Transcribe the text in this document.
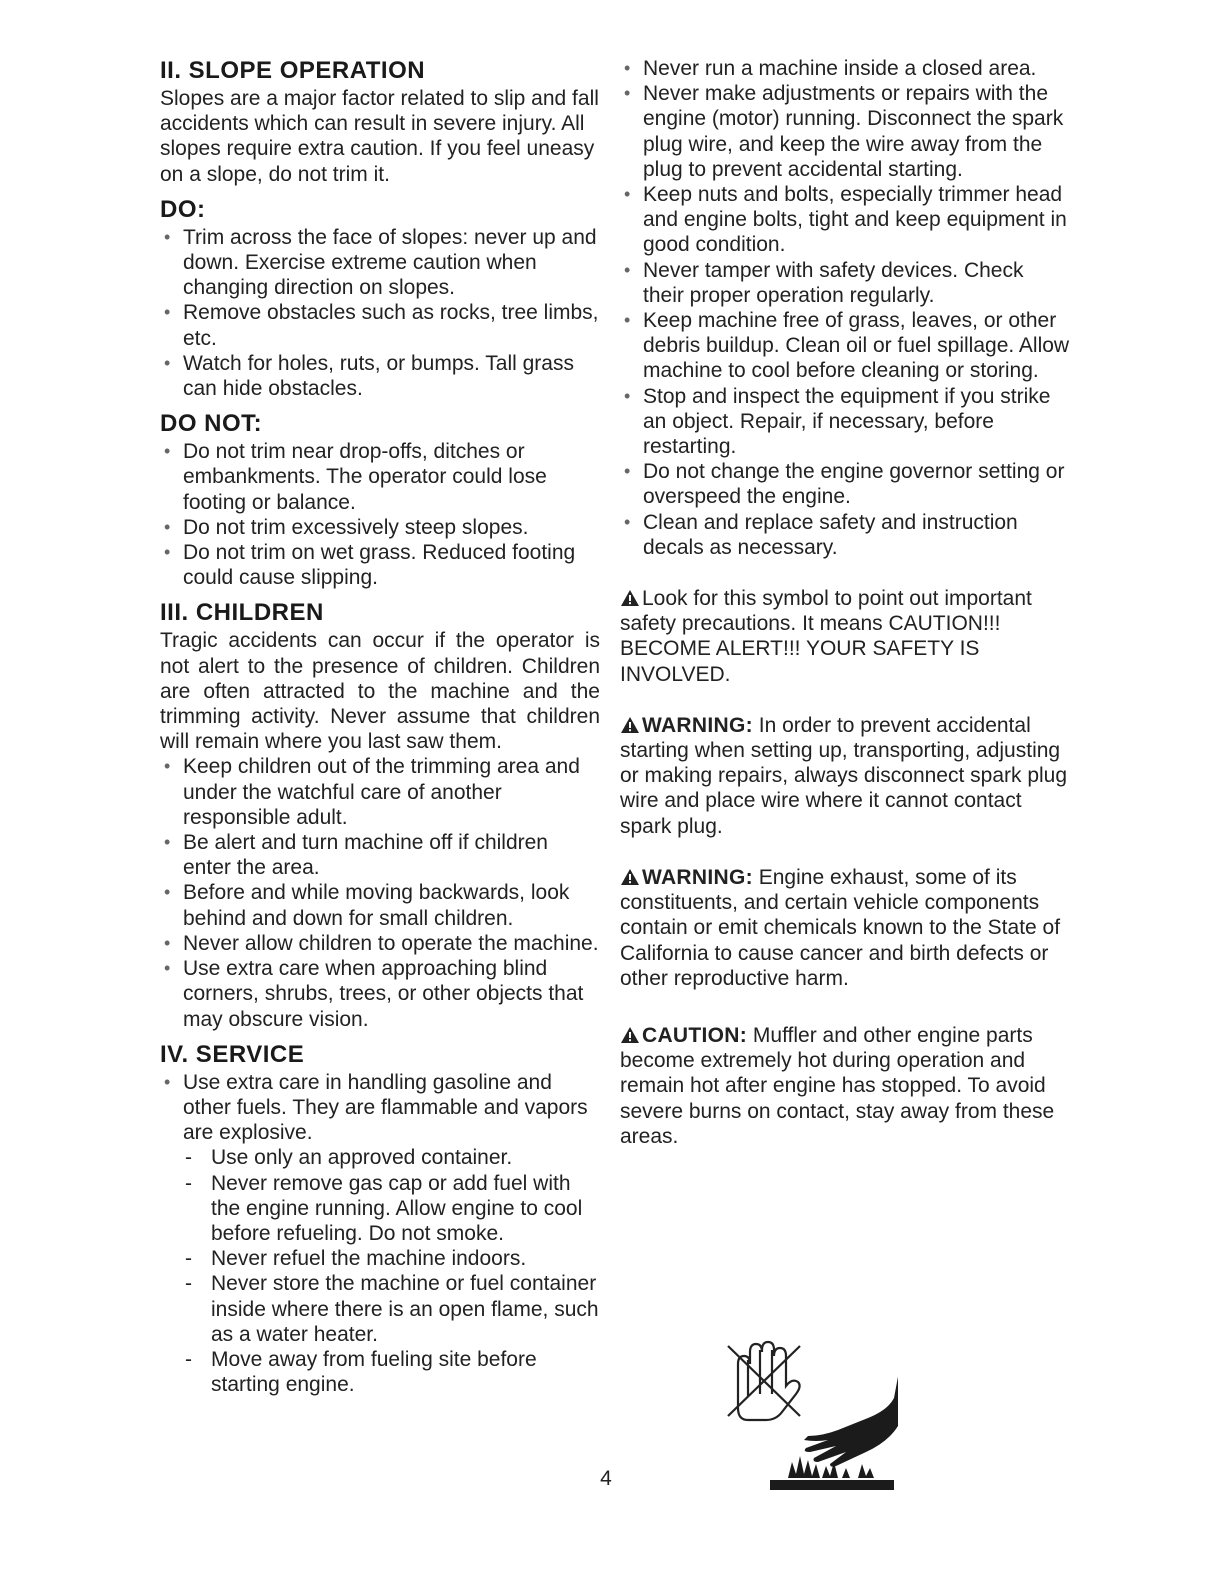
II. SLOPE OPERATION

Slopes are a major factor related to slip and fall accidents which can result in severe injury. All slopes require extra caution. If you feel uneasy on a slope, do not trim it.

DO:
• Trim across the face of slopes: never up and down. Exercise extreme caution when changing direction on slopes.
• Remove obstacles such as rocks, tree limbs, etc.
• Watch for holes, ruts, or bumps. Tall grass can hide obstacles.
DO NOT:
• Do not trim near drop-offs, ditches or embankments. The operator could lose footing or balance.
• Do not trim excessively steep slopes.
• Do not trim on wet grass. Reduced footing could cause slipping.
III. CHILDREN

Tragic accidents can occur if the operator is not alert to the presence of children. Children are often attracted to the machine and the trimming activity. Never assume that children will remain where you last saw them.

• Keep children out of the trimming area and under the watchful care of another responsible adult.
• Be alert and turn machine off if children enter the area.
• Before and while moving backwards, look behind and down for small children.
• Never allow children to operate the machine.
• Use extra care when approaching blind corners, shrubs, trees, or other objects that may obscure vision.
IV. SERVICE
• Use extra care in handling gasoline and other fuels. They are flammable and vapors are explosive.
- Use only an approved container.
- Never remove gas cap or add fuel with the engine running. Allow engine to cool before refueling. Do not smoke.
- Never refuel the machine indoors.
- Never store the machine or fuel container inside where there is an open flame, such as a water heater.
- Move away from fueling site before starting engine.
• Never run a machine inside a closed area.
• Never make adjustments or repairs with the engine (motor) running. Disconnect the spark plug wire, and keep the wire away from the plug to prevent accidental starting.
• Keep nuts and bolts, especially trimmer head and engine bolts, tight and keep equipment in good condition.
• Never tamper with safety devices. Check their proper operation regularly.
• Keep machine free of grass, leaves, or other debris buildup. Clean oil or fuel spillage. Allow machine to cool before cleaning or storing.
• Stop and inspect the equipment if you strike an object. Repair, if necessary, before restarting.
• Do not change the engine governor setting or overspeed the engine.
• Clean and replace safety and instruction decals as necessary.

Look for this symbol to point out important safety precautions. It means CAUTION!!! BECOME ALERT!!! YOUR SAFETY IS INVOLVED.

WARNING: In order to prevent accidental starting when setting up, transporting, adjusting or making repairs, always disconnect spark plug wire and place wire where it cannot contact spark plug.

WARNING: Engine exhaust, some of its constituents, and certain vehicle components contain or emit chemicals known to the State of California to cause cancer and birth defects or other reproductive harm.

CAUTION: Muffler and other engine parts become extremely hot during operation and remain hot after engine has stopped. To avoid severe burns on contact, stay away from these areas.

4
